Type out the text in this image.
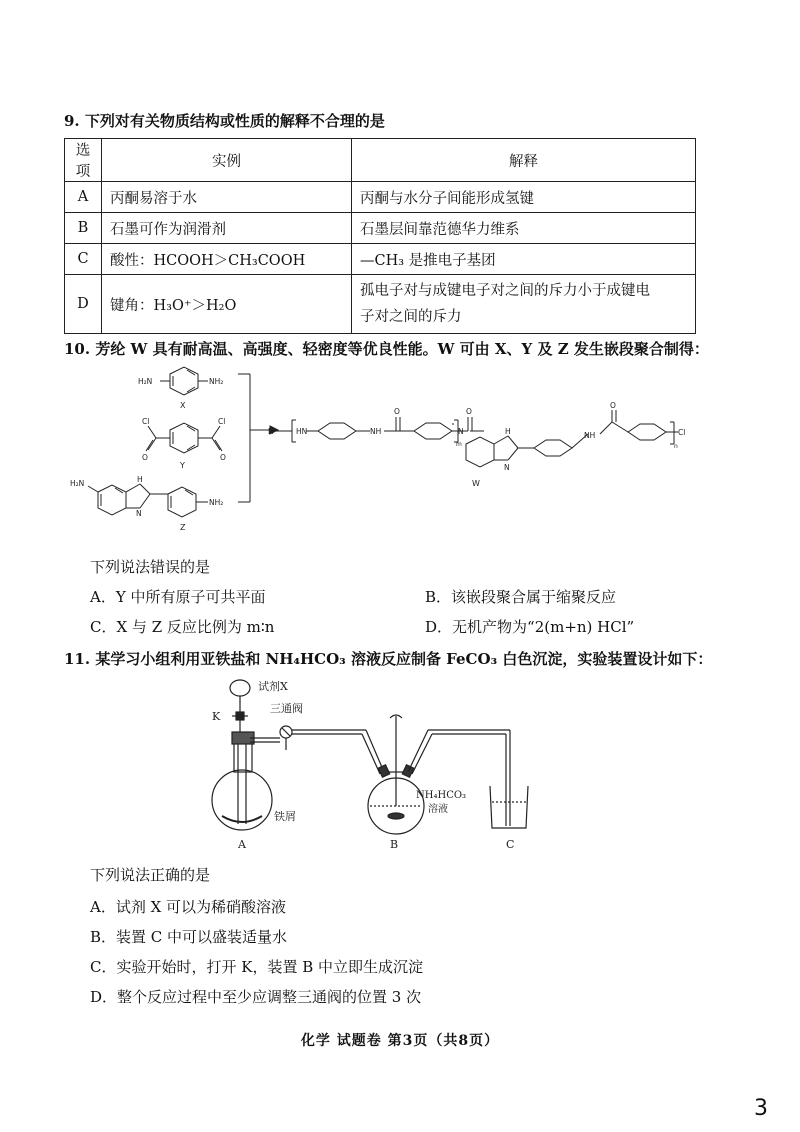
9. 下列对有关物质结构或性质的解释不合理的是
选项	实例	解释
A	丙酮易溶于水	丙酮与水分子间能形成氢键
B	石墨可作为润滑剂	石墨层间靠范德华力维系
C	酸性：HCOOH＞CH₃COOH	—CH₃ 是推电子基团
D	键角：H₃O⁺＞H₂O	孤电子对与成键电子对之间的斥力小于成键电
子对之间的斥力
10. 芳纶 W 具有耐高温、高强度、轻密度等优良性能。W 可由 X、Y 及 Z 发生嵌段聚合制得：
H₂N	NH₂
X
Cl	Cl
O	O
Y
H₂N	H
N
NH₂
Z
H	HN	NH
O	O
m
N	H
N
NH
O
n
Cl
W
下列说法错误的是
A．Y 中所有原子可共平面	B．该嵌段聚合属于缩聚反应
C．X 与 Z 反应比例为 m∶n	D．无机产物为“2(m+n) HCl”
11. 某学习小组利用亚铁盐和 NH₄HCO₃ 溶液反应制备 FeCO₃ 白色沉淀，实验装置设计如下：
试剂X
三通阀
K
铁屑
NH₄HCO₃
溶液
A	B	C
下列说法正确的是
A．试剂 X 可以为稀硝酸溶液
B．装置 C 中可以盛装适量水
C．实验开始时，打开 K，装置 B 中立即生成沉淀
D．整个反应过程中至少应调整三通阀的位置 3 次
化学 试题卷 第3页（共8页）
3
